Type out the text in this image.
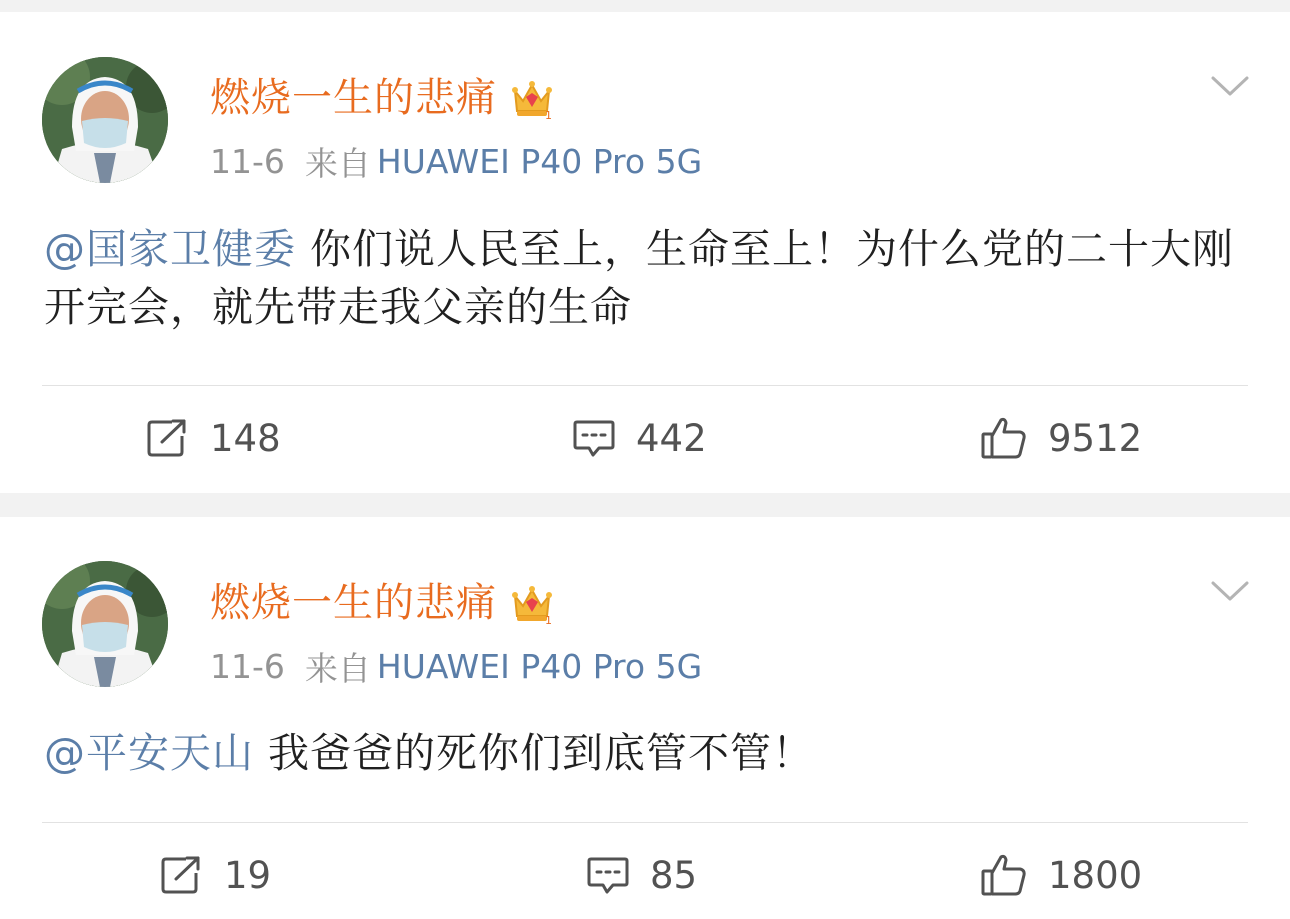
燃烧一生的悲痛	1
11-6 来自 HUAWEI P40 Pro 5G
@国家卫健委 你们说人民至上，生命至上！为什么党的二十大刚开完会，就先带走我父亲的生命
148	442	9512
燃烧一生的悲痛	1
11-6 来自 HUAWEI P40 Pro 5G
@平安天山 我爸爸的死你们到底管不管！
19	85	1800
